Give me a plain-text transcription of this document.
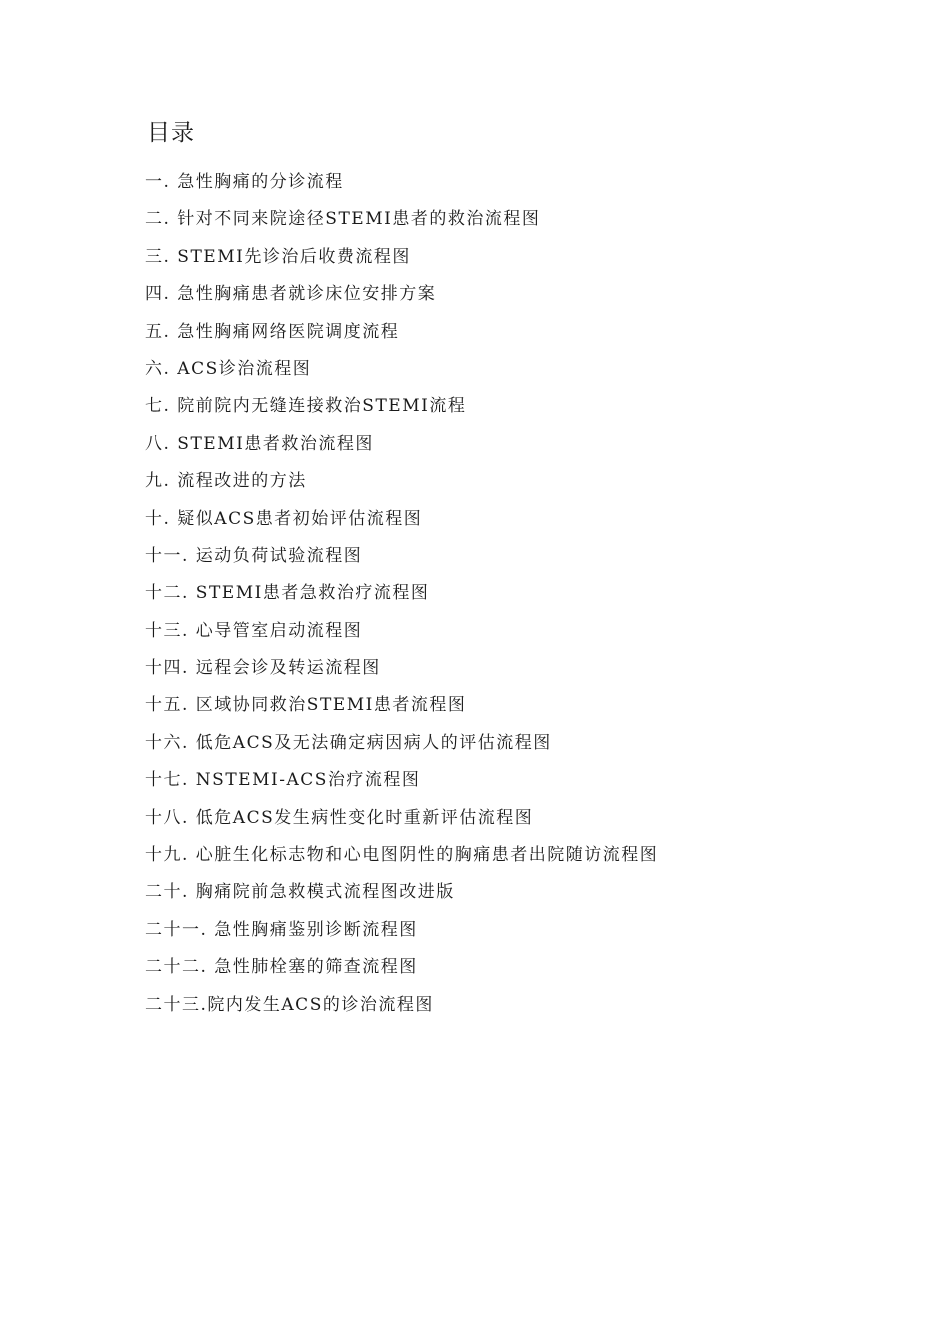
目录
一. 急性胸痛的分诊流程
二. 针对不同来院途径STEMI患者的救治流程图
三. STEMI先诊治后收费流程图
四. 急性胸痛患者就诊床位安排方案
五. 急性胸痛网络医院调度流程
六. ACS诊治流程图
七. 院前院内无缝连接救治STEMI流程
八. STEMI患者救治流程图
九. 流程改进的方法
十. 疑似ACS患者初始评估流程图
十一. 运动负荷试验流程图
十二. STEMI患者急救治疗流程图
十三. 心导管室启动流程图
十四. 远程会诊及转运流程图
十五. 区域协同救治STEMI患者流程图
十六. 低危ACS及无法确定病因病人的评估流程图
十七. NSTEMI-ACS治疗流程图
十八. 低危ACS发生病性变化时重新评估流程图
十九. 心脏生化标志物和心电图阴性的胸痛患者出院随访流程图
二十. 胸痛院前急救模式流程图改进版
二十一. 急性胸痛鉴别诊断流程图
二十二. 急性肺栓塞的筛查流程图
二十三.院内发生ACS的诊治流程图
